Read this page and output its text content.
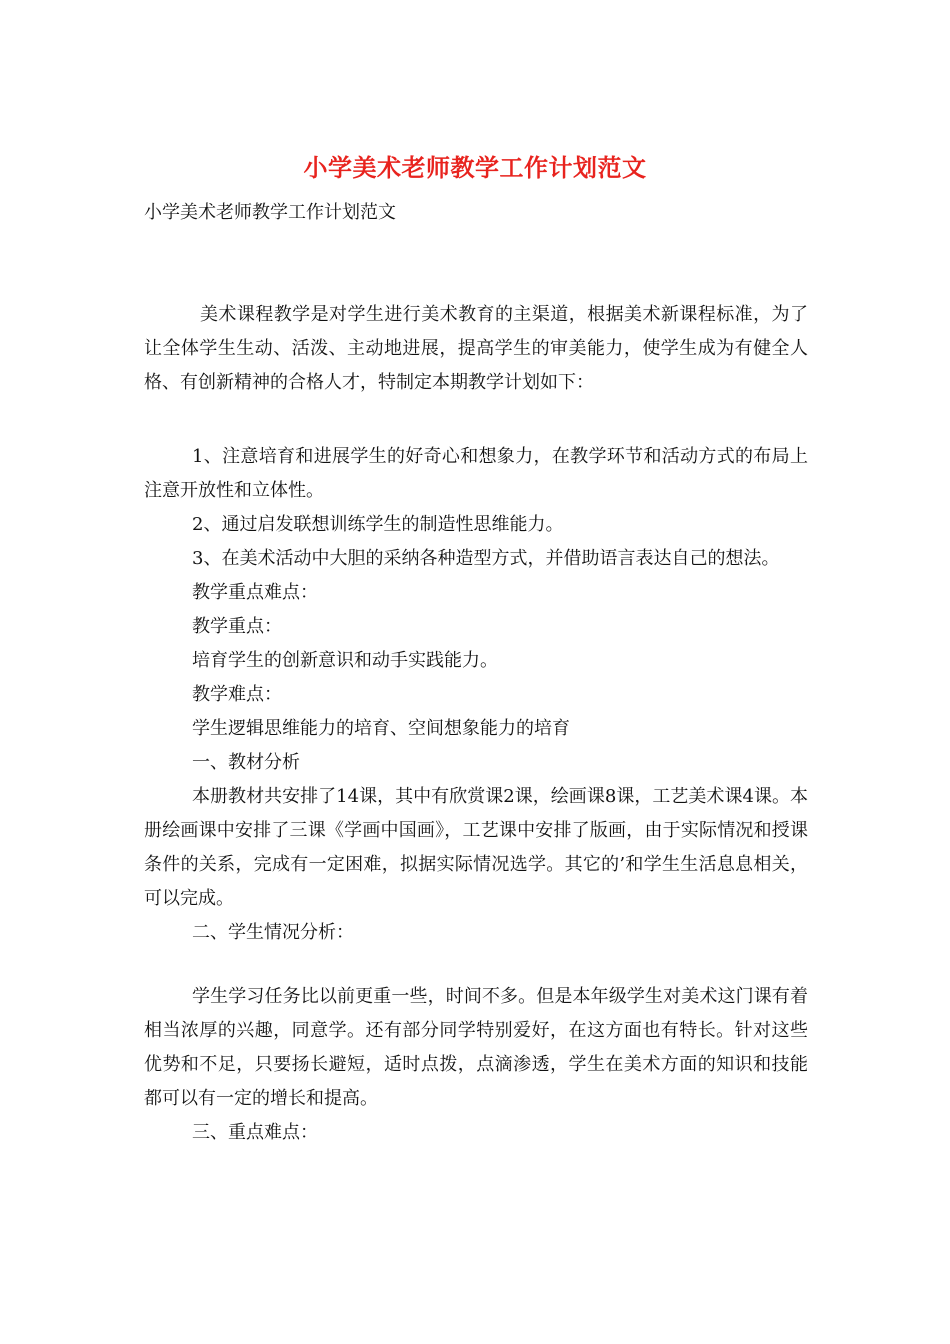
小学美术老师教学工作计划范文

小学美术老师教学工作计划范文

美术课程教学是对学生进行美术教育的主渠道，根据美术新课程标准，为了让全体学生生动、活泼、主动地进展，提高学生的审美能力，使学生成为有健全人格、有创新精神的合格人才，特制定本期教学计划如下：

1、注意培育和进展学生的好奇心和想象力，在教学环节和活动方式的布局上注意开放性和立体性。

2、通过启发联想训练学生的制造性思维能力。

3、在美术活动中大胆的采纳各种造型方式，并借助语言表达自己的想法。

教学重点难点：

教学重点：

培育学生的创新意识和动手实践能力。

教学难点：

学生逻辑思维能力的培育、空间想象能力的培育

一、教材分析

本册教材共安排了14课，其中有欣赏课2课，绘画课8课，工艺美术课4课。本册绘画课中安排了三课《学画中国画》，工艺课中安排了版画，由于实际情况和授课条件的关系，完成有一定困难，拟据实际情况选学。其它的’和学生生活息息相关，可以完成。

二、学生情况分析：

学生学习任务比以前更重一些，时间不多。但是本年级学生对美术这门课有着相当浓厚的兴趣，同意学。还有部分同学特别爱好，在这方面也有特长。针对这些优势和不足，只要扬长避短，适时点拨，点滴渗透，学生在美术方面的知识和技能都可以有一定的增长和提高。

三、重点难点：
